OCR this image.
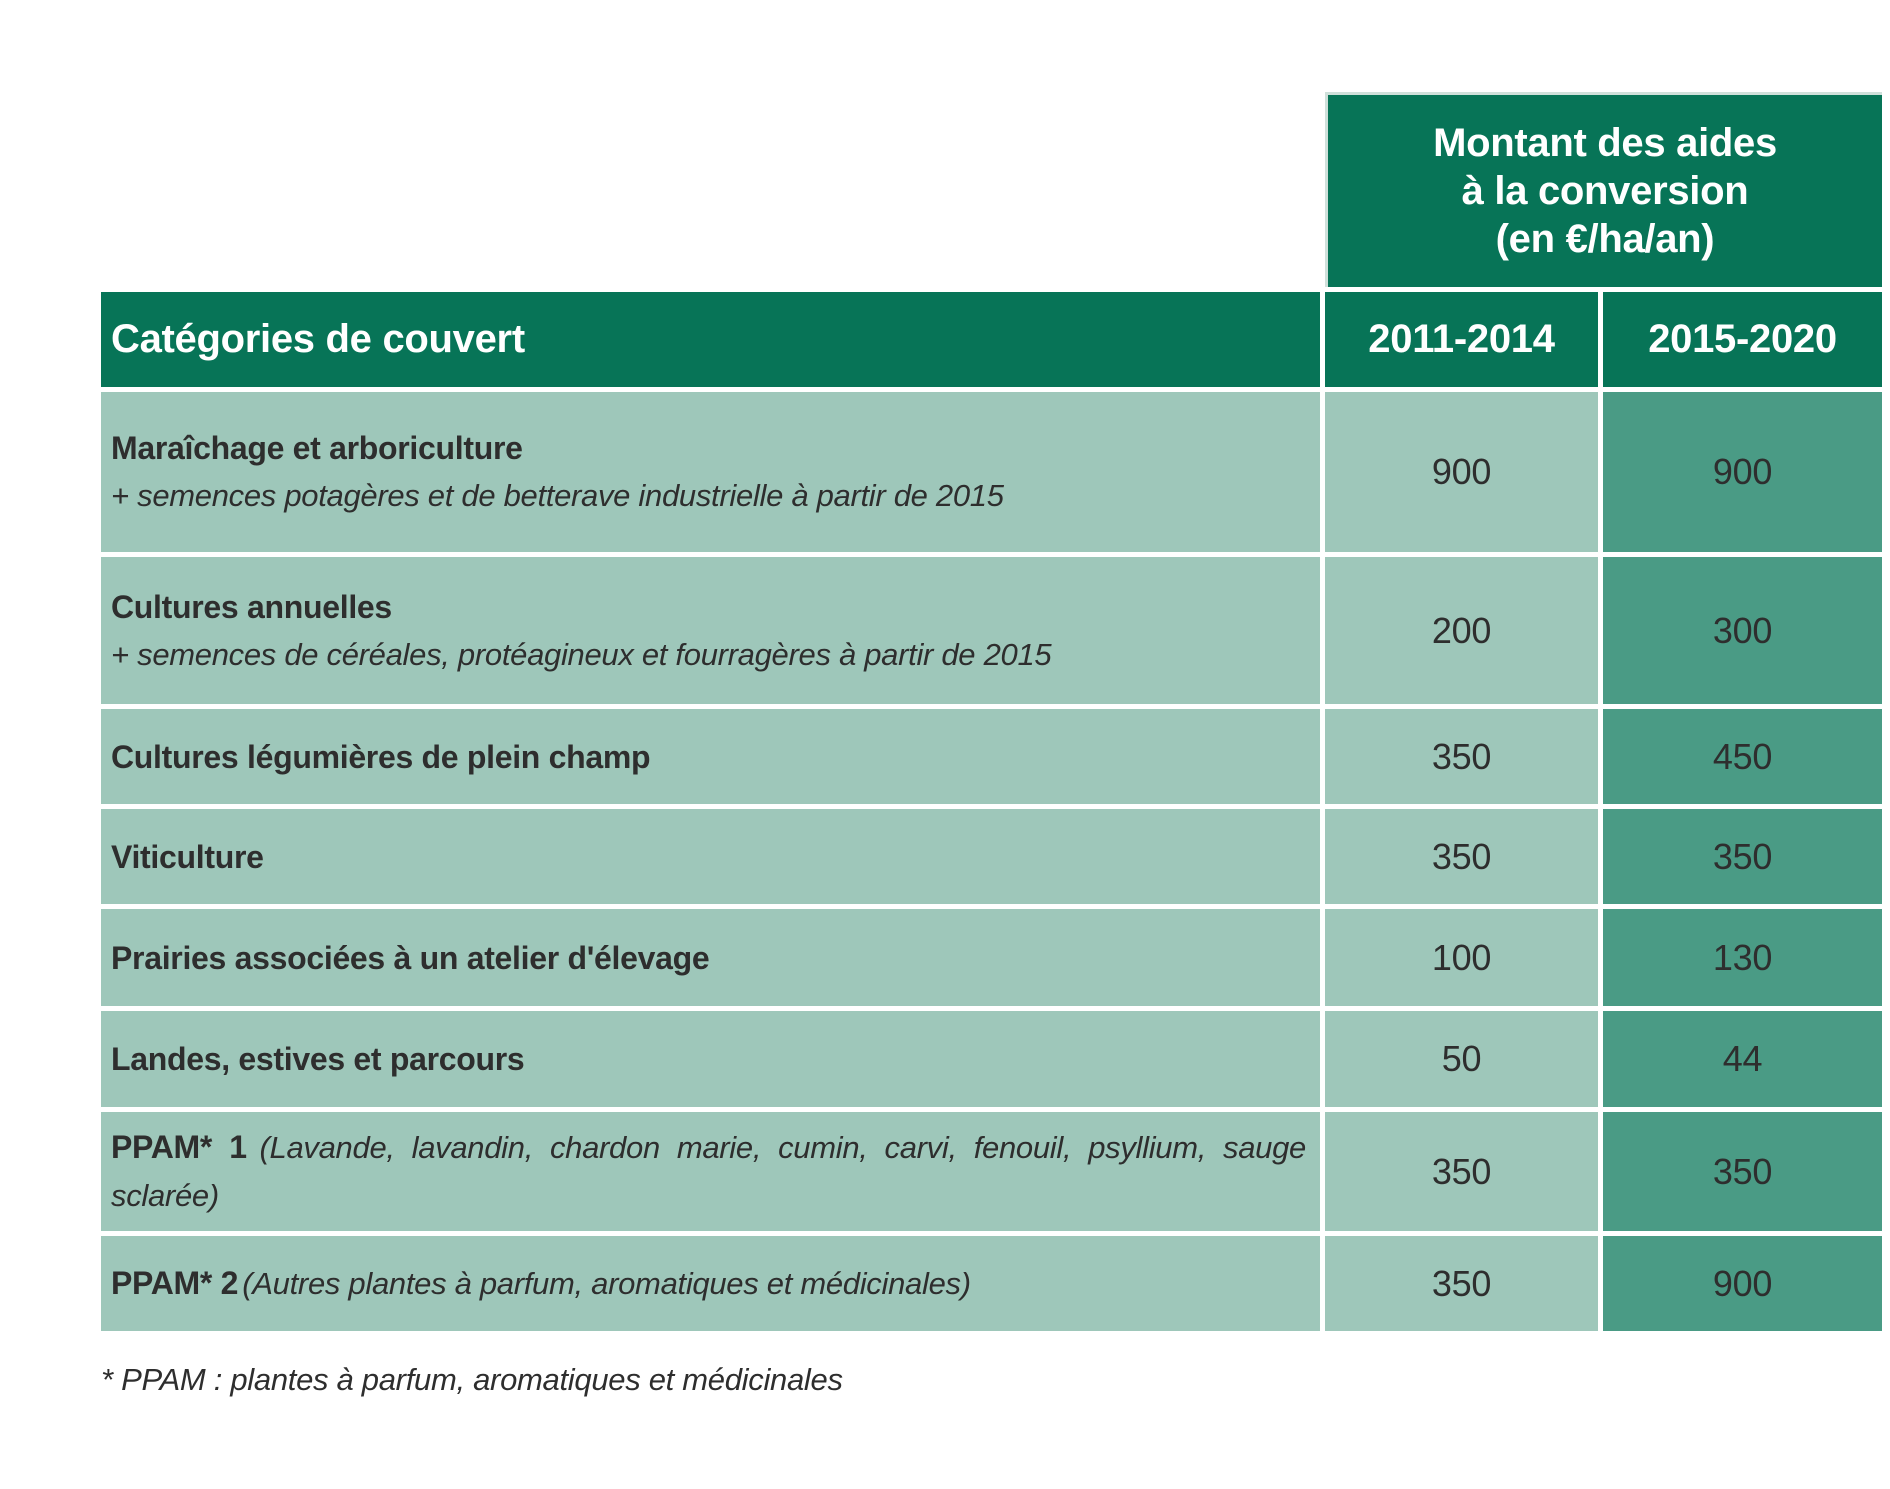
	Montant des aides
à la conversion
(en €/ha/an)	
Catégories de couvert	2011-2014	2015-2020

Maraîchage et arboriculture
+ semences potagères et de betterave industrielle à partir de 2015	900	900

Cultures annuelles
+ semences de céréales, protéagineux et fourragères à partir de 2015	200	300
Cultures légumières de plein champ	350	450
Viticulture	350	350
Prairies associées à un atelier d'élevage	100	130
Landes, estives et parcours	50	44
PPAM* 1 (Lavande, lavandin, chardon marie, cumin, carvi, fenouil, psyllium, sauge sclarée)	350	350
PPAM* 2 (Autres plantes à parfum, aromatiques et médicinales)	350	900

* PPAM : plantes à parfum, aromatiques et médicinales
